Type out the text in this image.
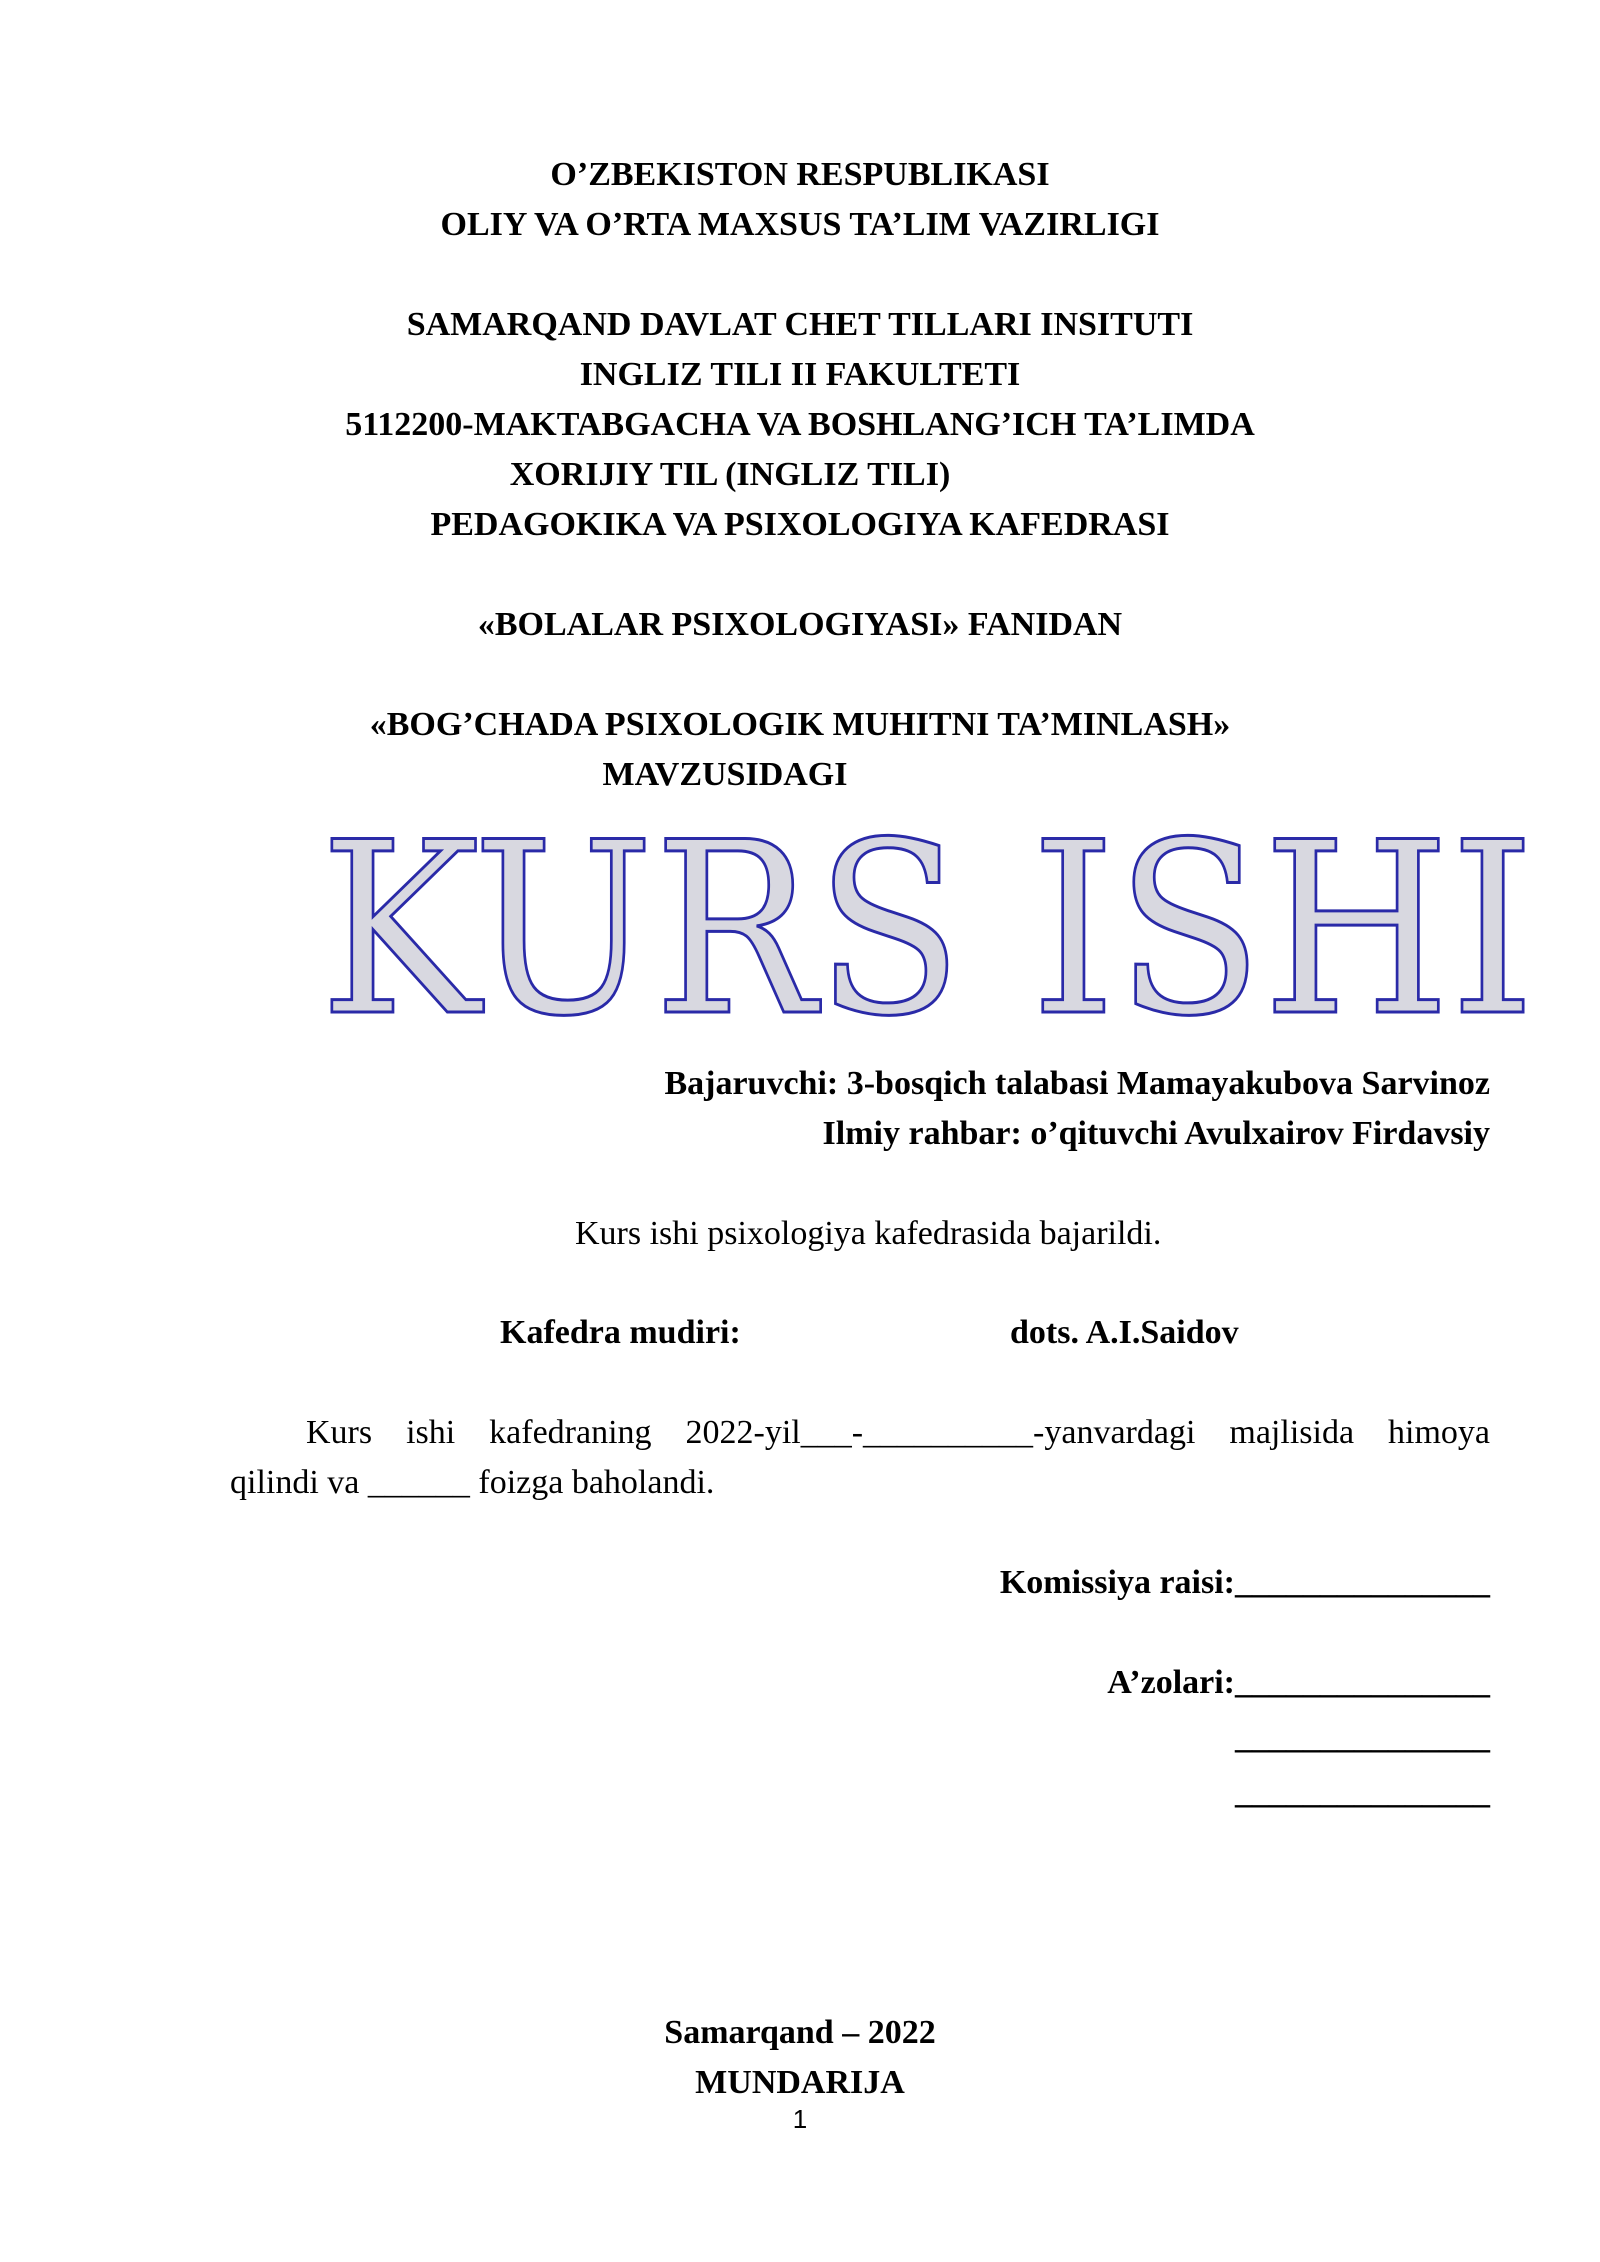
O’ZBEKISTON RESPUBLIKASI
OLIY VA O’RTA MAXSUS TA’LIM VAZIRLIGI
SAMARQAND DAVLAT CHET TILLARI INSITUTI
INGLIZ TILI II FAKULTETI
5112200-MAKTABGACHA VA BOSHLANG’ICH TA’LIMDA
XORIJIY TIL (INGLIZ TILI)
PEDAGOKIKA VA PSIXOLOGIYA KAFEDRASI
«BOLALAR PSIXOLOGIYASI» FANIDAN
«BOG’CHADA PSIXOLOGIK MUHITNI TA’MINLASH»
MAVZUSIDAGI
KURS ISHI
Bajaruvchi: 3-bosqich talabasi Mamayakubova Sarvinoz
Ilmiy rahbar: o’qituvchi Avulxairov Firdavsiy
Kurs ishi psixologiya kafedrasida bajarildi.
Kafedra mudiri:	dots. A.I.Saidov

Kurs ishi kafedraning 2022-yil___-__________-yanvardagi majlisida himoya

qilindi va ______ foizga baholandi.

Komissiya raisi:_______________
A’zolari:_______________
_______________
_______________
Samarqand – 2022
MUNDARIJA
1
